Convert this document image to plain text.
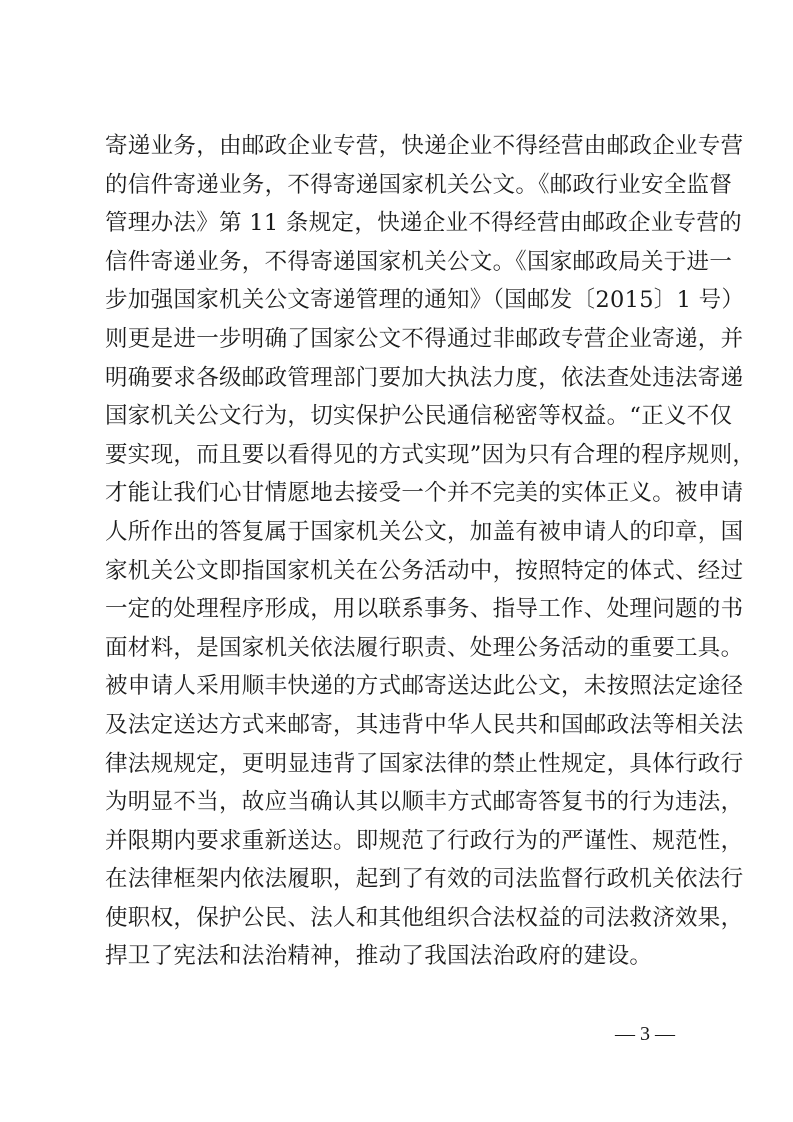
寄递业务，由邮政企业专营，快递企业不得经营由邮政企业专营
的信件寄递业务，不得寄递国家机关公文。《邮政行业安全监督
管理办法》第 11 条规定，快递企业不得经营由邮政企业专营的
信件寄递业务，不得寄递国家机关公文。《国家邮政局关于进一
步加强国家机关公文寄递管理的通知》（国邮发〔2015〕1 号）
则更是进一步明确了国家公文不得通过非邮政专营企业寄递，并
明确要求各级邮政管理部门要加大执法力度，依法查处违法寄递
国家机关公文行为，切实保护公民通信秘密等权益。“正义不仅
要实现，而且要以看得见的方式实现”因为只有合理的程序规则，
才能让我们心甘情愿地去接受一个并不完美的实体正义。被申请
人所作出的答复属于国家机关公文，加盖有被申请人的印章，国
家机关公文即指国家机关在公务活动中，按照特定的体式、经过
一定的处理程序形成，用以联系事务、指导工作、处理问题的书
面材料，是国家机关依法履行职责、处理公务活动的重要工具。
被申请人采用顺丰快递的方式邮寄送达此公文，未按照法定途径
及法定送达方式来邮寄，其违背中华人民共和国邮政法等相关法
律法规规定，更明显违背了国家法律的禁止性规定，具体行政行
为明显不当，故应当确认其以顺丰方式邮寄答复书的行为违法，
并限期内要求重新送达。即规范了行政行为的严谨性、规范性，
在法律框架内依法履职，起到了有效的司法监督行政机关依法行
使职权，保护公民、法人和其他组织合法权益的司法救济效果，
捍卫了宪法和法治精神，推动了我国法治政府的建设。
— 3 —
